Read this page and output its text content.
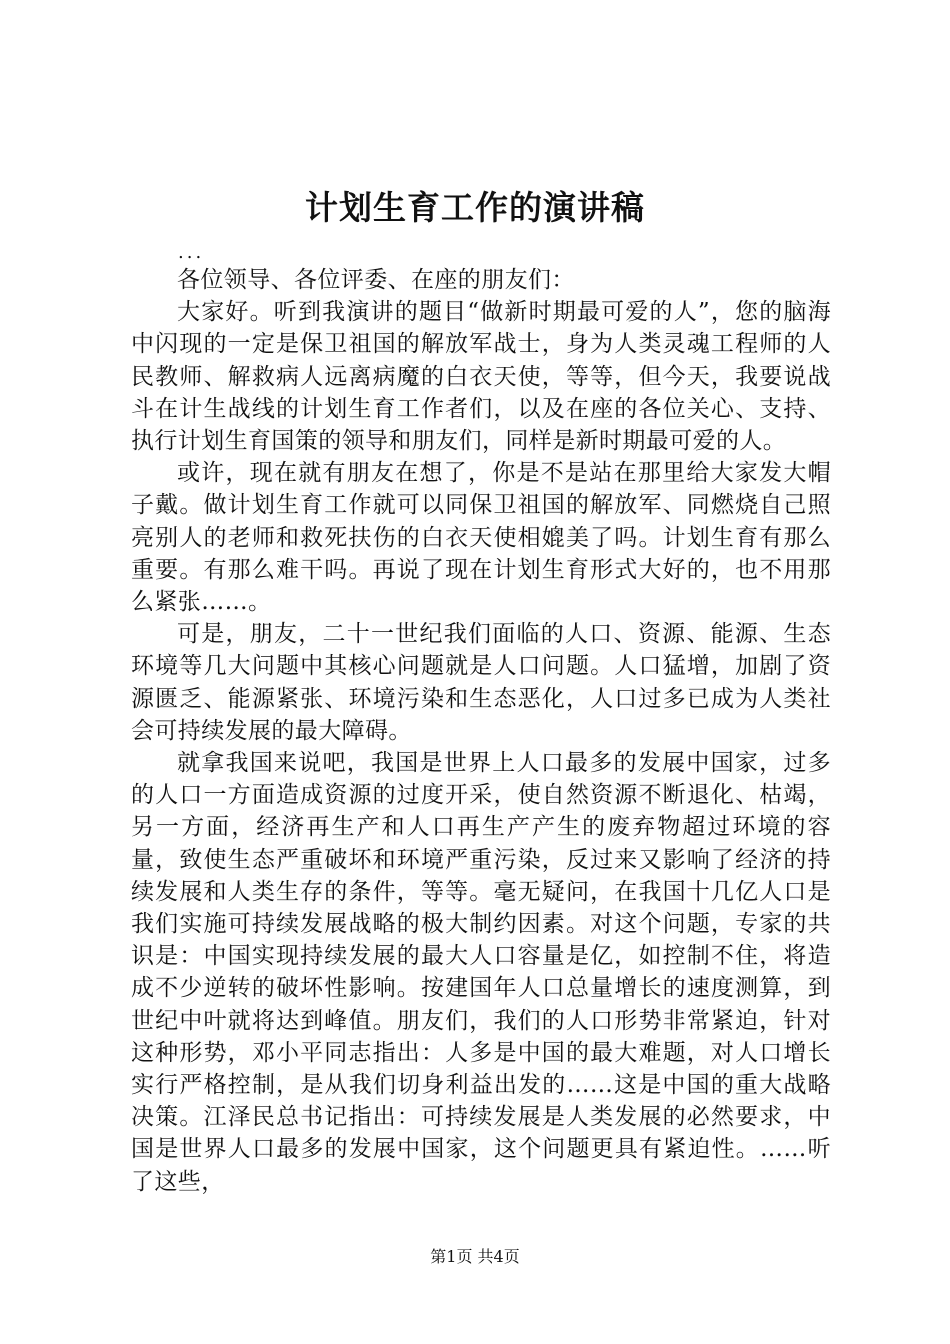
计划生育工作的演讲稿

...

各位领导、各位评委、在座的朋友们：

大家好。听到我演讲的题目“做新时期最可爱的人”，您的脑海中闪现的一定是保卫祖国的解放军战士，身为人类灵魂工程师的人民教师、解救病人远离病魔的白衣天使，等等，但今天，我要说战斗在计生战线的计划生育工作者们，以及在座的各位关心、支持、执行计划生育国策的领导和朋友们，同样是新时期最可爱的人。

或许，现在就有朋友在想了，你是不是站在那里给大家发大帽子戴。做计划生育工作就可以同保卫祖国的解放军、同燃烧自己照亮别人的老师和救死扶伤的白衣天使相媲美了吗。计划生育有那么重要。有那么难干吗。再说了现在计划生育形式大好的，也不用那么紧张……。

可是，朋友，二十一世纪我们面临的人口、资源、能源、生态环境等几大问题中其核心问题就是人口问题。人口猛增，加剧了资源匮乏、能源紧张、环境污染和生态恶化，人口过多已成为人类社会可持续发展的最大障碍。

就拿我国来说吧，我国是世界上人口最多的发展中国家，过多的人口一方面造成资源的过度开采，使自然资源不断退化、枯竭，另一方面，经济再生产和人口再生产产生的废弃物超过环境的容量，致使生态严重破坏和环境严重污染，反过来又影响了经济的持续发展和人类生存的条件，等等。毫无疑问，在我国十几亿人口是我们实施可持续发展战略的极大制约因素。对这个问题，专家的共识是：中国实现持续发展的最大人口容量是亿，如控制不住，将造成不少逆转的破坏性影响。按建国年人口总量增长的速度测算，到世纪中叶就将达到峰值。朋友们，我们的人口形势非常紧迫，针对这种形势，邓小平同志指出：人多是中国的最大难题，对人口增长实行严格控制，是从我们切身利益出发的……这是中国的重大战略决策。江泽民总书记指出：可持续发展是人类发展的必然要求，中国是世界人口最多的发展中国家，这个问题更具有紧迫性。……听了这些，

第1页 共4页
